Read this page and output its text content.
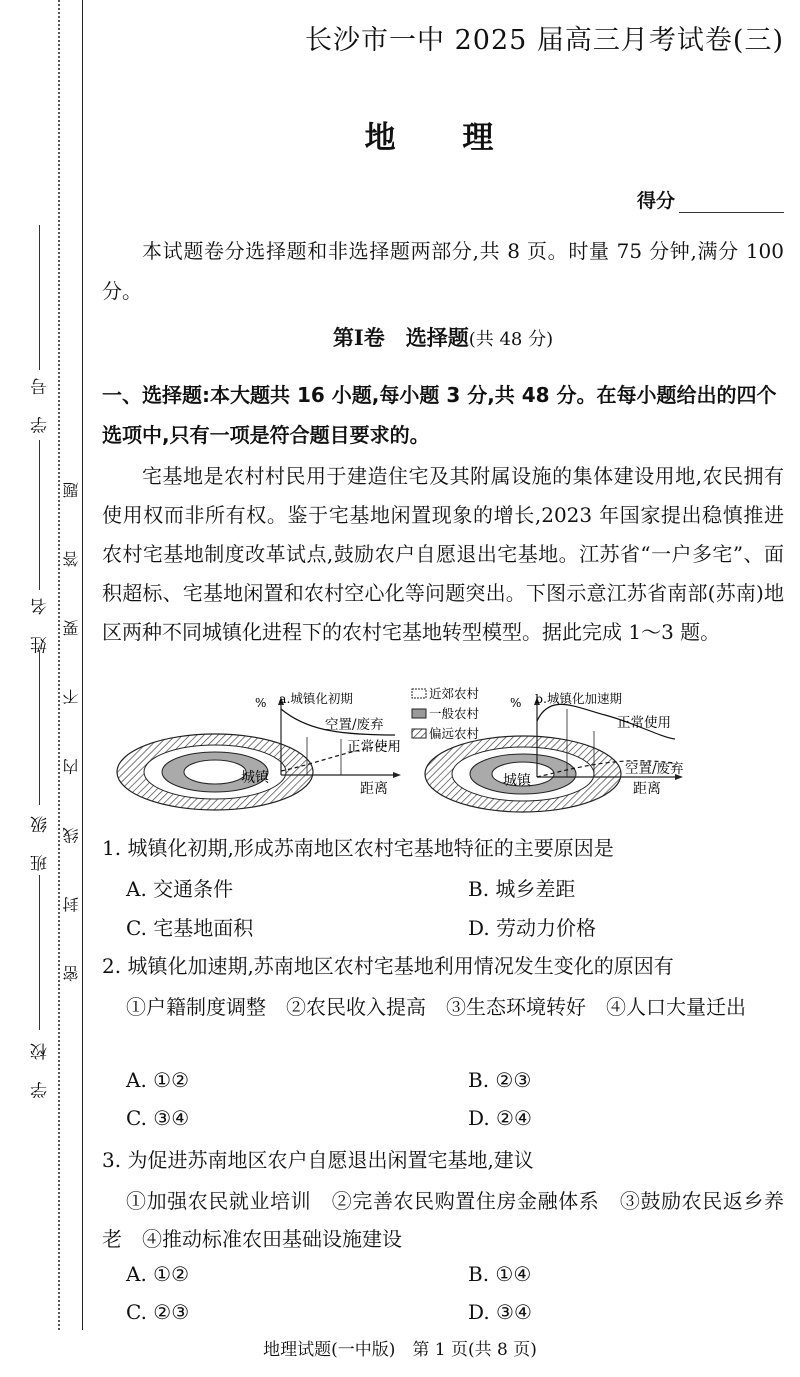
学 号
姓 名
班 级
学 校
密 封 线 内 不 要 答 题
长沙市一中 2025 届高三月考试卷(三)
地 理
得分
本试题卷分选择题和非选择题两部分,共 8 页。时量 75 分钟,满分 100 分。
第Ⅰ卷　选择题(共 48 分)
一、选择题:本大题共 16 小题,每小题 3 分,共 48 分。在每小题给出的四个选项中,只有一项是符合题目要求的。
宅基地是农村村民用于建造住宅及其附属设施的集体建设用地,农民拥有使用权而非所有权。鉴于宅基地闲置现象的增长,2023 年国家提出稳慎推进农村宅基地制度改革试点,鼓励农户自愿退出宅基地。江苏省“一户多宅”、面积超标、宅基地闲置和农村空心化等问题突出。下图示意江苏省南部(苏南)地区两种不同城镇化进程下的农村宅基地转型模型。据此完成 1～3 题。
% a.城镇化初期
空置/废弃
正常使用
城镇
距离
近郊农村
一般农村
偏远农村
% b.城镇化加速期
正常使用
空置/废弃
城镇	距离
1. 城镇化初期,形成苏南地区农村宅基地特征的主要原因是
A. 交通条件	B. 城乡差距
C. 宅基地面积	D. 劳动力价格
2. 城镇化加速期,苏南地区农村宅基地利用情况发生变化的原因有
①户籍制度调整　②农民收入提高　③生态环境转好　④人口大量迁出
A. ①②	B. ②③
C. ③④	D. ②④
3. 为促进苏南地区农户自愿退出闲置宅基地,建议
①加强农民就业培训　②完善农民购置住房金融体系　③鼓励农民返乡养老　④推动标准农田基础设施建设
A. ①②	B. ①④
C. ②③	D. ③④
地理试题(一中版)　第 1 页(共 8 页)
